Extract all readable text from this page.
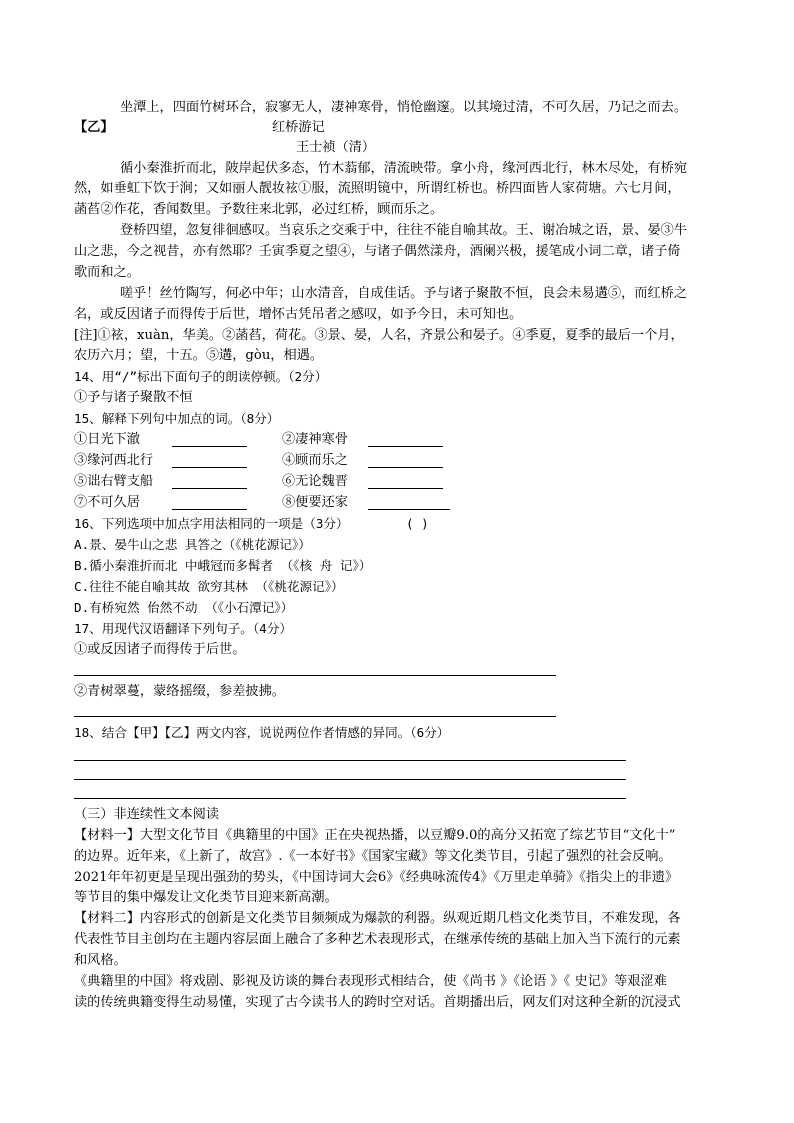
坐潭上，四面竹树环合，寂寥无人，凄神寒骨，悄怆幽邃。以其境过清，不可久居，乃记之而去。
【乙】	红桥游记
王士祯（清）
循小秦淮折而北，陂岸起伏多态，竹木蓊郁，清流映带。拿小舟，缘河西北行，林木尽处，有桥宛
然，如垂虹下饮于涧；又如丽人靓妆袨①服，流照明镜中，所谓红桥也。桥四面皆人家荷塘。六七月间，
菡萏②作花，香闻数里。予数往来北郭，必过红桥，顾而乐之。
登桥四望，忽复徘徊感叹。当哀乐之交乘于中，往往不能自喻其故。王、谢冶城之语，景、晏③牛
山之悲，今之视昔，亦有然耶？壬寅季夏之望④，与诸子偶然漾舟，酒阑兴极，援笔成小词二章，诸子倚
歌而和之。
嗟乎！丝竹陶写，何必中年；山水清音，自成佳话。予与诸子聚散不恒，良会未易遘⑤，而红桥之
名，或反因诸子而得传于后世，增怀古凭吊者之感叹，如予今日，未可知也。
[注]①袨，xuàn，华美。②菡萏，荷花。③景、晏，人名，齐景公和晏子。④季夏，夏季的最后一个月，
农历六月；望，十五。⑤遘，gòu，相遇。
14、用“/”标出下面句子的朗读停顿。（2分）
①予与诸子聚散不恒
15、解释下列句中加点的词。（8分）
①日光下澈	②凄神寒骨
③缘河西北行	④顾而乐之
⑤诎右臂支船	⑥无论魏晋
⑦不可久居	⑧便要还家
16、下列选项中加点字用法相同的一项是（3分）	( )
A.景、晏牛山之悲 具答之（《桃花源记》）
B.循小秦淮折而北 中峨冠而多髯者 （《核 舟 记》）
C.往往不能自喻其故 欲穷其林 （《桃花源记》）
D.有桥宛然 佁然不动 （《小石潭记》）
17、用现代汉语翻译下列句子。（4分）
①或反因诸子而得传于后世。
②青树翠蔓，蒙络摇缀，参差披拂。
18、结合【甲】【乙】两文内容，说说两位作者情感的异同。（6分）
（三）非连续性文本阅读
【材料一】大型文化节目《典籍里的中国》正在央视热播，以豆瓣9.0的高分又拓宽了综艺节目“文化十”
的边界。近年来，《上新了，故宫》.《一本好书》《国家宝藏》等文化类节目，引起了强烈的社会反响。
2021年年初更是呈现出强劲的势头，《中国诗词大会6》《经典咏流传4》《万里走单骑》《指尖上的非遗》
等节目的集中爆发让文化类节目迎来新高潮。
【材料二】内容形式的创新是文化类节目频频成为爆款的利器。纵观近期几档文化类节目，不难发现，各
代表性节目主创均在主题内容层面上融合了多种艺术表现形式，在继承传统的基础上加入当下流行的元素
和风格。
《典籍里的中国》将戏剧、影视及访谈的舞台表现形式相结合，使《尚书 》《论语 》《 史记》等艰涩难
读的传统典籍变得生动易懂，实现了古今读书人的跨时空对话。首期播出后，网友们对这种全新的沉浸式
